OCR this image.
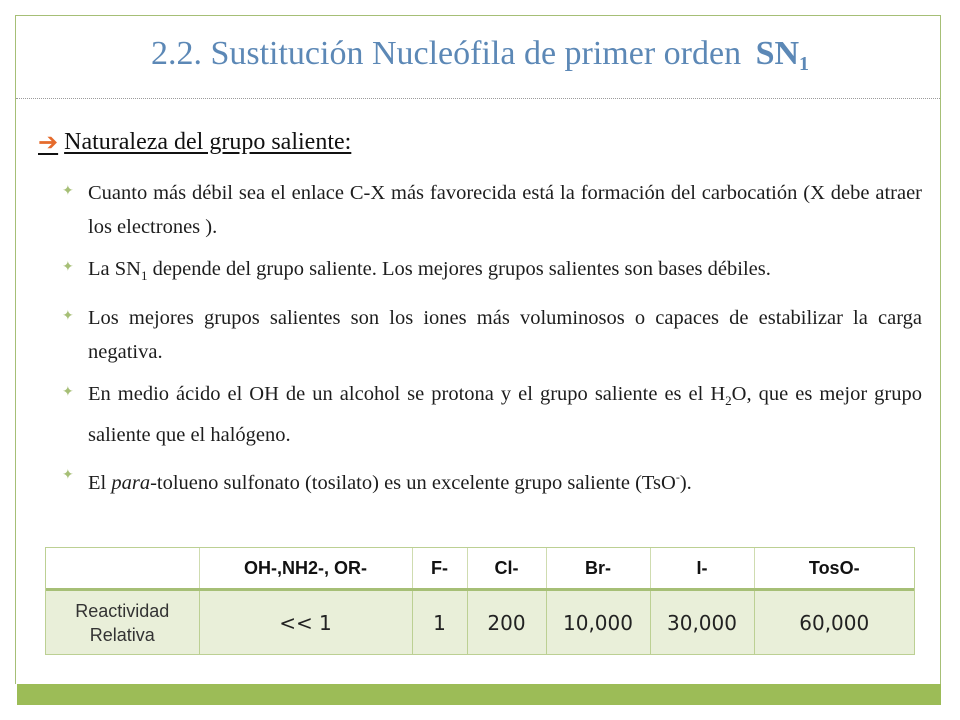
2.2. Sustitución Nucleófila de primer orden $SN_1$
➔ Naturaleza del grupo saliente:
✦ Cuanto más débil sea el enlace C-X más favorecida está la formación del carbocatión (X debe atraer los electrones ).
✦ La $SN_1$ depende del grupo saliente. Los mejores grupos salientes son bases débiles.
✦ Los mejores grupos salientes son los iones más voluminosos o capaces de estabilizar la carga negativa.
✦ En medio ácido el OH de un alcohol se protona y el grupo saliente es el $H_2O$, que es mejor grupo saliente que el halógeno.
✦ El para-tolueno sulfonato (tosilato) es un excelente grupo saliente (TsO-).
	OH-,NH2-, OR-	F-	Cl-	Br-	I-	TosO-
Reactividad
Relativa	<< 1	1	200	10,000	30,000	60,000
